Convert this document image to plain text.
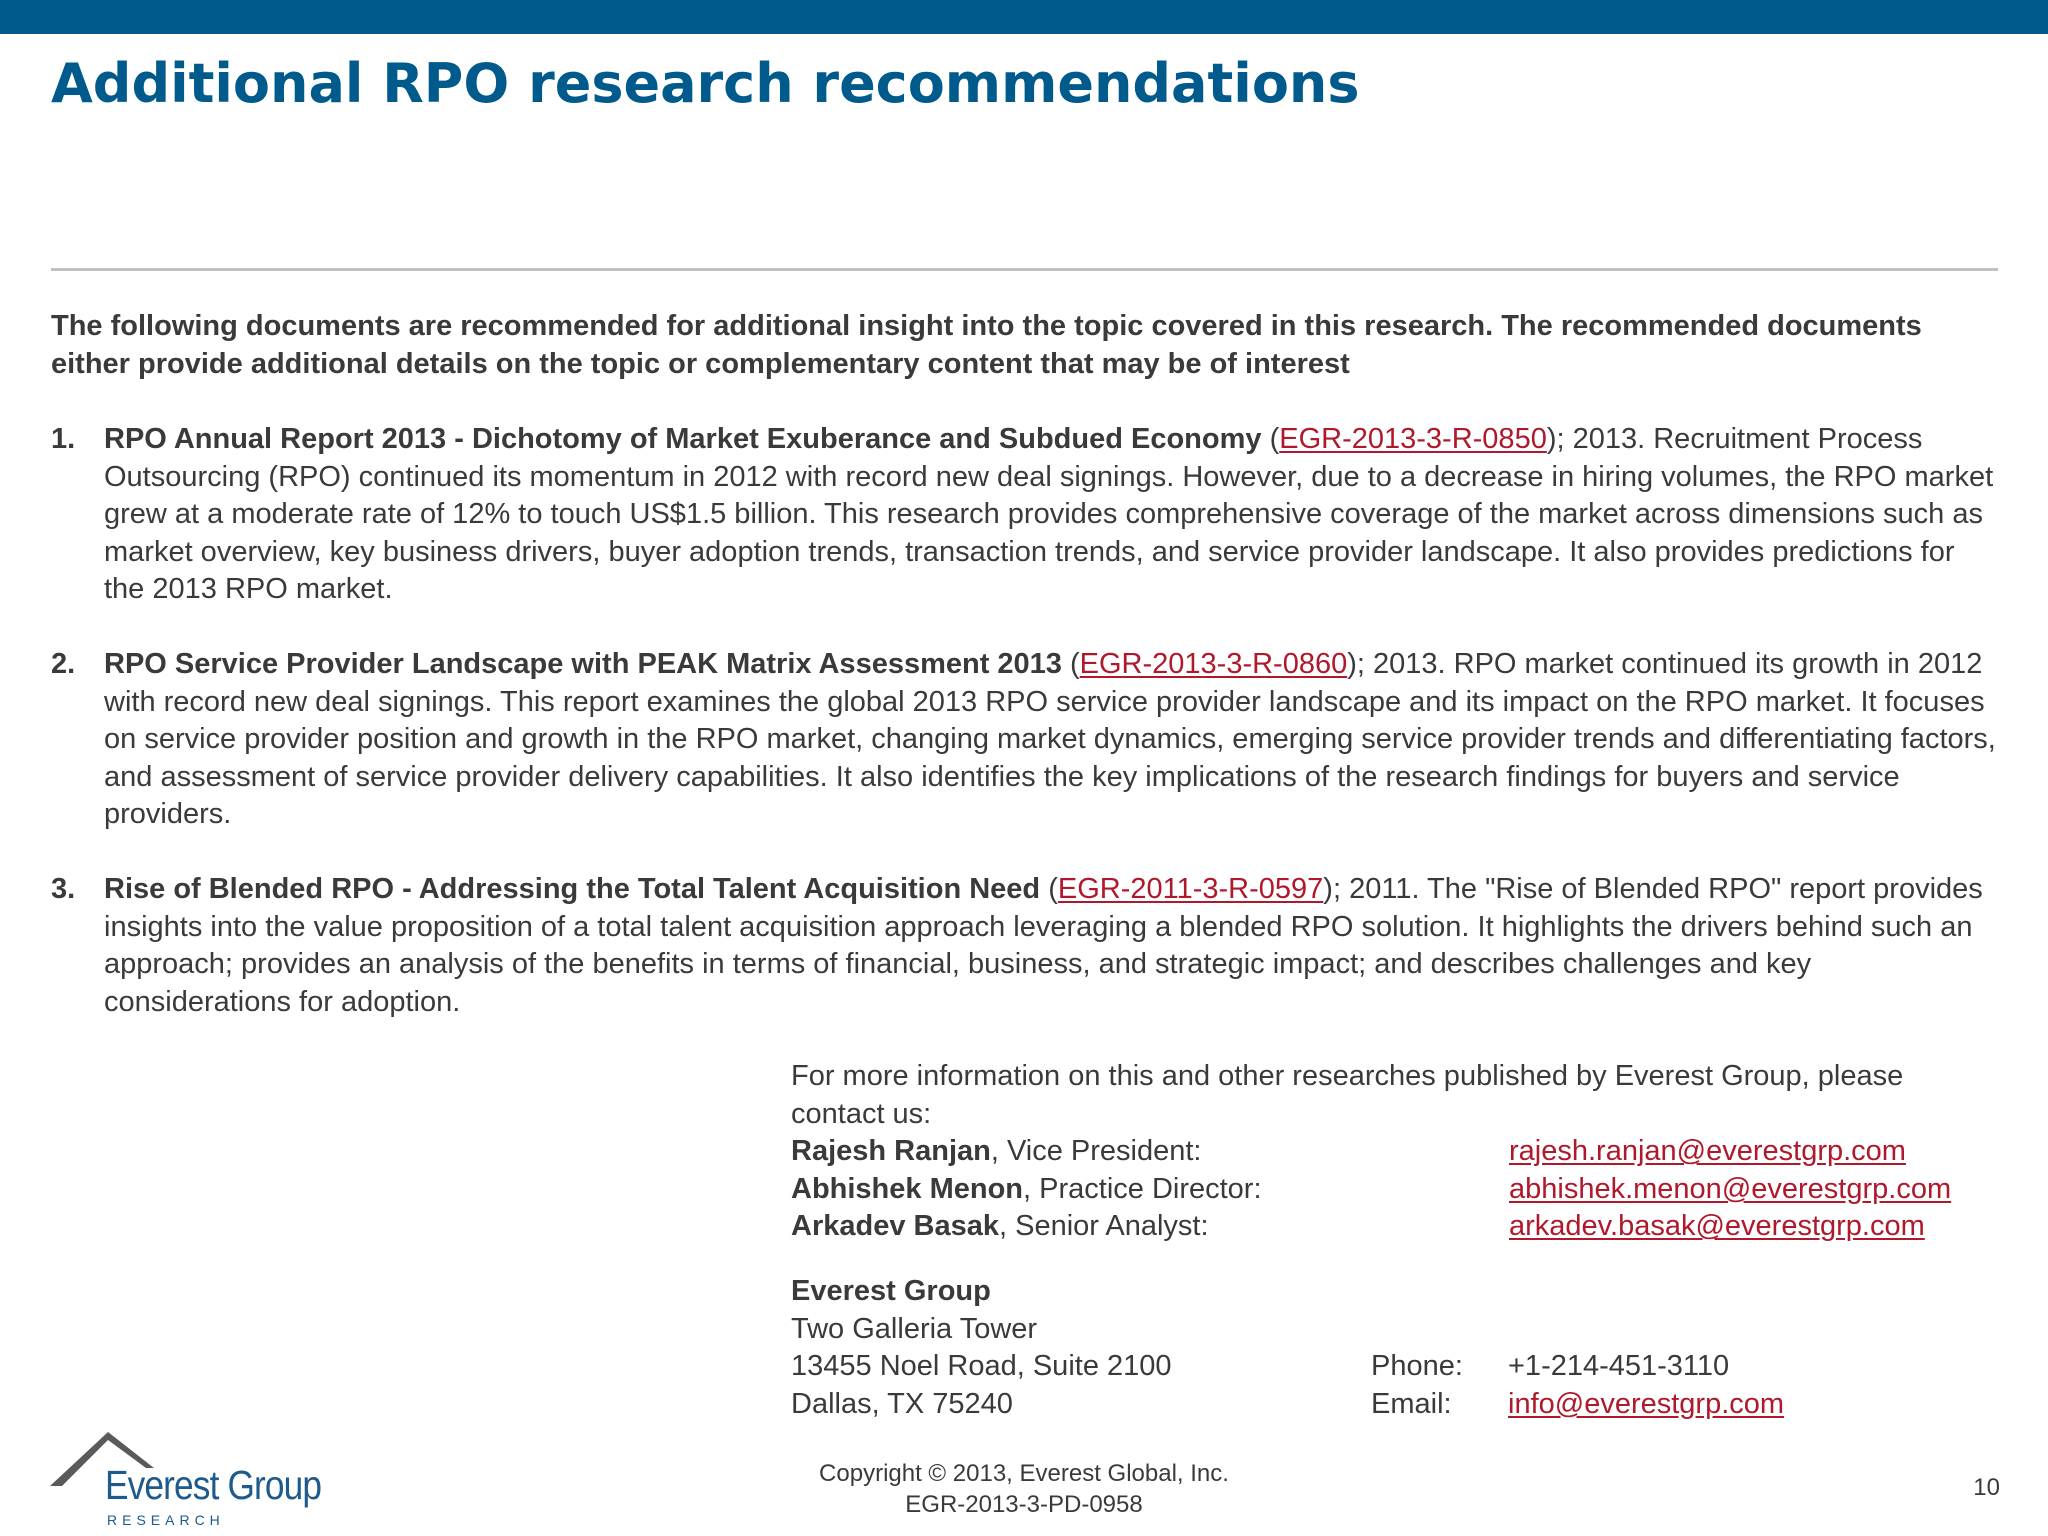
Additional RPO research recommendations

The following documents are recommended for additional insight into the topic covered in this research. The recommended documents either provide additional details on the topic or complementary content that may be of interest

1. RPO Annual Report 2013 - Dichotomy of Market Exuberance and Subdued Economy (EGR-2013-3-R-0850); 2013. Recruitment Process Outsourcing (RPO) continued its momentum in 2012 with record new deal signings. However, due to a decrease in hiring volumes, the RPO market grew at a moderate rate of 12% to touch US$1.5 billion. This research provides comprehensive coverage of the market across dimensions such as market overview, key business drivers, buyer adoption trends, transaction trends, and service provider landscape. It also provides predictions for the 2013 RPO market.
2. RPO Service Provider Landscape with PEAK Matrix Assessment 2013 (EGR-2013-3-R-0860); 2013. RPO market continued its growth in 2012 with record new deal signings. This report examines the global 2013 RPO service provider landscape and its impact on the RPO market. It focuses on service provider position and growth in the RPO market, changing market dynamics, emerging service provider trends and differentiating factors, and assessment of service provider delivery capabilities. It also identifies the key implications of the research findings for buyers and service providers.
3. Rise of Blended RPO - Addressing the Total Talent Acquisition Need (EGR-2011-3-R-0597); 2011. The "Rise of Blended RPO" report provides insights into the value proposition of a total talent acquisition approach leveraging a blended RPO solution. It highlights the drivers behind such an approach; provides an analysis of the benefits in terms of financial, business, and strategic impact; and describes challenges and key considerations for adoption.

For more information on this and other researches published by Everest Group, please contact us:

Rajesh Ranjan, Vice President:	rajesh.ranjan@everestgrp.com
Abhishek Menon, Practice Director:	abhishek.menon@everestgrp.com
Arkadev Basak, Senior Analyst:	arkadev.basak@everestgrp.com
Everest Group
Two Galleria Tower
13455 Noel Road, Suite 2100	Phone:	+1-214-451-3110
Dallas, TX 75240	Email:	info@everestgrp.com
Everest Group
RESEARCH
Copyright © 2013, Everest Global, Inc.
EGR-2013-3-PD-0958
10
